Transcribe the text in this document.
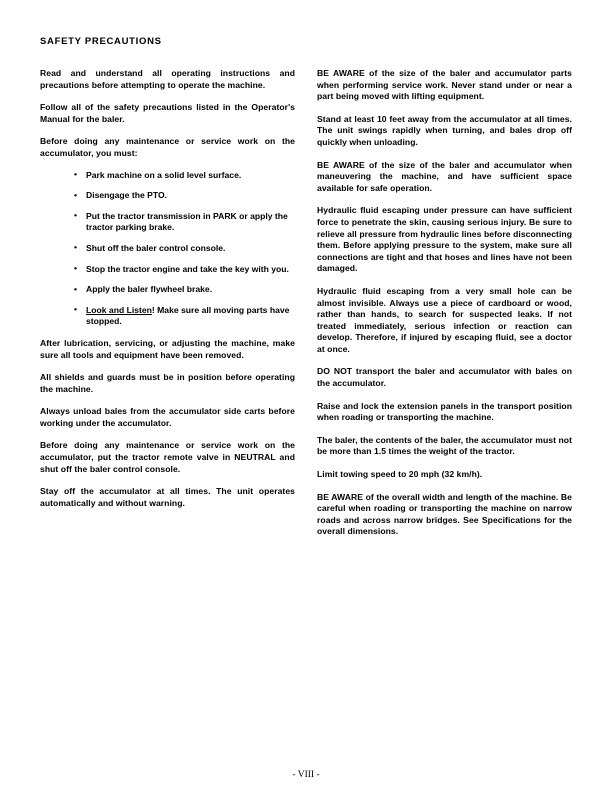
SAFETY PRECAUTIONS

Read and understand all operating instructions and precautions before attempting to operate the machine.

Follow all of the safety precautions listed in the Operator's Manual for the baler.

Before doing any maintenance or service work on the accumulator, you must:

• Park machine on a solid level surface.
• Disengage the PTO.
• Put the tractor transmission in PARK or apply the tractor parking brake.
• Shut off the baler control console.
• Stop the tractor engine and take the key with you.
• Apply the baler flywheel brake.
• Look and Listen! Make sure all moving parts have stopped.

After lubrication, servicing, or adjusting the machine, make sure all tools and equipment have been removed.

All shields and guards must be in position before operating the machine.

Always unload bales from the accumulator side carts before working under the accumulator.

Before doing any maintenance or service work on the accumulator, put the tractor remote valve in NEUTRAL and shut off the baler control console.

Stay off the accumulator at all times. The unit operates automatically and without warning.

BE AWARE of the size of the baler and accumulator parts when performing service work. Never stand under or near a part being moved with lifting equipment.

Stand at least 10 feet away from the accumulator at all times. The unit swings rapidly when turning, and bales drop off quickly when unloading.

BE AWARE of the size of the baler and accumulator when maneuvering the machine, and have sufficient space available for safe operation.

Hydraulic fluid escaping under pressure can have sufficient force to penetrate the skin, causing serious injury. Be sure to relieve all pressure from hydraulic lines before disconnecting them. Before applying pressure to the system, make sure all connections are tight and that hoses and lines have not been damaged.

Hydraulic fluid escaping from a very small hole can be almost invisible. Always use a piece of cardboard or wood, rather than hands, to search for suspected leaks. If not treated immediately, serious infection or reaction can develop. Therefore, if injured by escaping fluid, see a doctor at once.

DO NOT transport the baler and accumulator with bales on the accumulator.

Raise and lock the extension panels in the transport position when roading or transporting the machine.

The baler, the contents of the baler, the accumulator must not be more than 1.5 times the weight of the tractor.

Limit towing speed to 20 mph (32 km/h).

BE AWARE of the overall width and length of the machine. Be careful when roading or transporting the machine on narrow roads and across narrow bridges. See Specifications for the overall dimensions.

- VIII -
